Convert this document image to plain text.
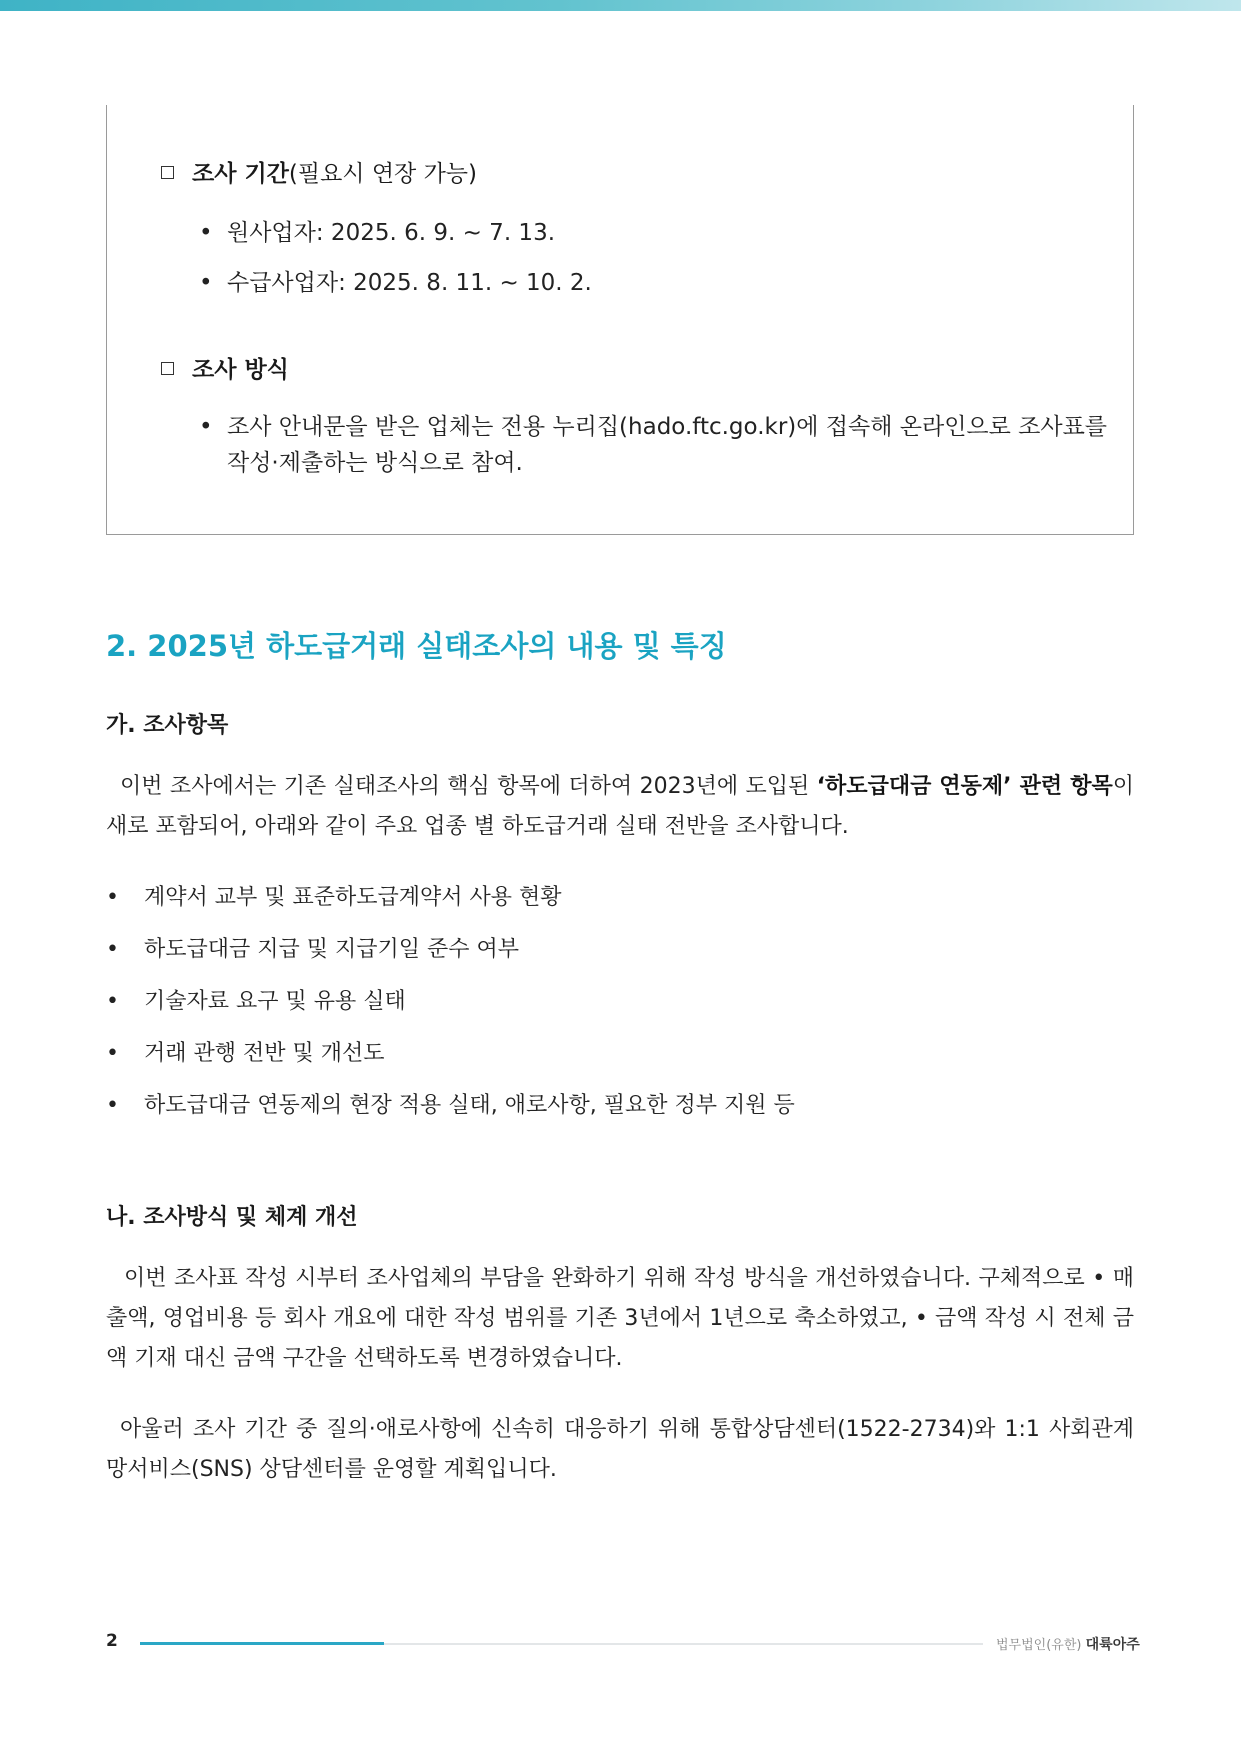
조사 기간(필요시 연장 가능)
• 원사업자: 2025. 6. 9. ~ 7. 13.
• 수급사업자: 2025. 8. 11. ~ 10. 2.
조사 방식
• 조사 안내문을 받은 업체는 전용 누리집(hado.ftc.go.kr)에 접속해 온라인으로 조사표를
작성·제출하는 방식으로 참여.
2. 2025년 하도급거래 실태조사의 내용 및 특징
가. 조사항목
이번 조사에서는 기존 실태조사의 핵심 항목에 더하여 2023년에 도입된 ‘하도급대금 연동제’ 관련 항목이 새로 포함되어, 아래와 같이 주요 업종 별 하도급거래 실태 전반을 조사합니다.
• 계약서 교부 및 표준하도급계약서 사용 현황
• 하도급대금 지급 및 지급기일 준수 여부
• 기술자료 요구 및 유용 실태
• 거래 관행 전반 및 개선도
• 하도급대금 연동제의 현장 적용 실태, 애로사항, 필요한 정부 지원 등
나. 조사방식 및 체계 개선
이번 조사표 작성 시부터 조사업체의 부담을 완화하기 위해 작성 방식을 개선하였습니다. 구체적으로 • 매출액, 영업비용 등 회사 개요에 대한 작성 범위를 기존 3년에서 1년으로 축소하였고, • 금액 작성 시 전체 금액 기재 대신 금액 구간을 선택하도록 변경하였습니다.
아울러 조사 기간 중 질의·애로사항에 신속히 대응하기 위해 통합상담센터(1522-2734)와 1:1 사회관계망서비스(SNS) 상담센터를 운영할 계획입니다.
2	법무법인(유한) 대륙아주
